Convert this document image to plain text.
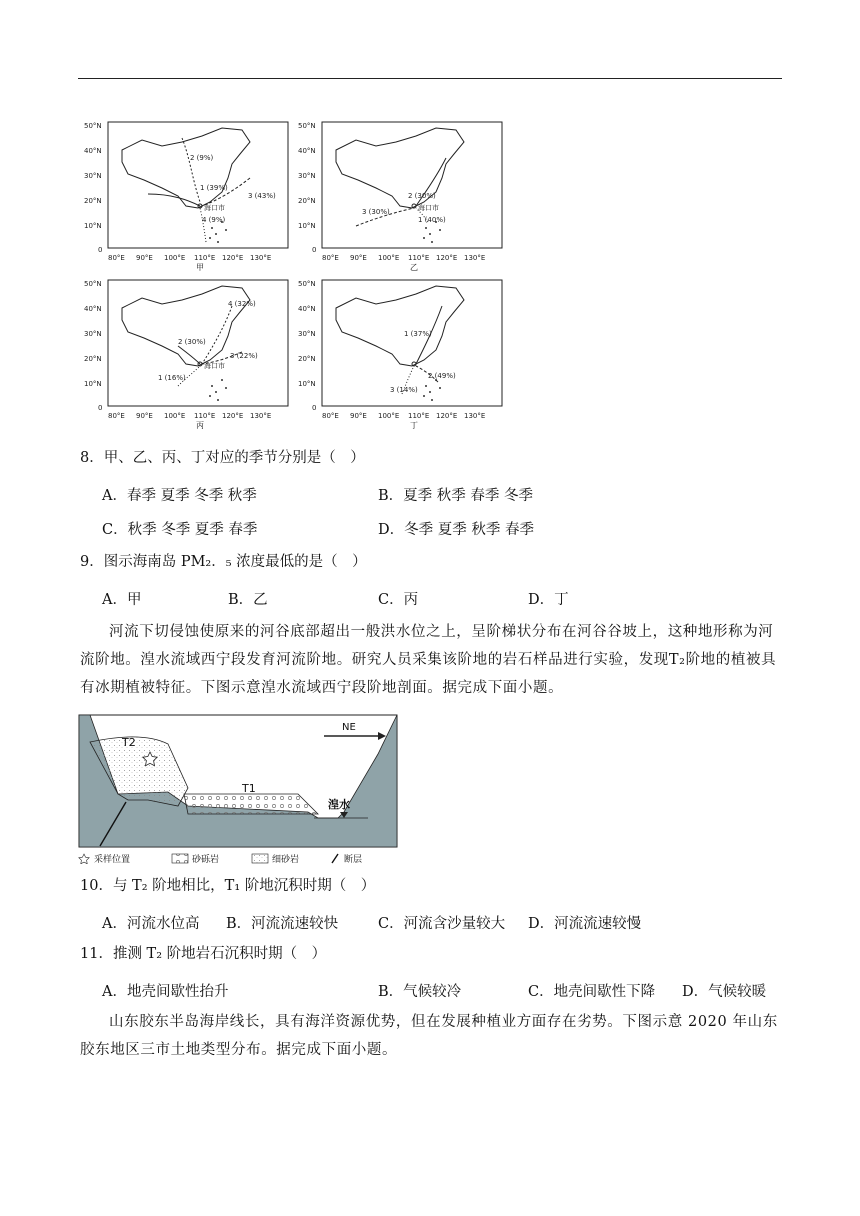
50°N
40°N
30°N
20°N
10°N
0
80°E 90°E 100°E 110°E 120°E 130°E
2 (9%)
1 (39%)
3 (43%)
4 (9%)
海口市
甲
50°N
40°N
30°N
20°N
10°N
0
80°E 90°E 100°E 110°E 120°E 130°E
2 (30%)
3 (30%)
1 (40%)
海口市
乙
50°N
40°N
30°N
20°N
10°N
0
80°E 90°E 100°E 110°E 120°E 130°E
4 (32%)
2 (30%)
3 (22%)
1 (16%)
海口市
丙
50°N
40°N
30°N
20°N
10°N
0
80°E 90°E 100°E 110°E 120°E 130°E
1 (37%)
2 (49%)
3 (14%)
丁
8．甲、乙、丙、丁对应的季节分别是（　）
A．春季 夏季 冬季 秋季	B．夏季 秋季 春季 冬季
C．秋季 冬季 夏季 春季	D．冬季 夏季 秋季 春季
9．图示海南岛 PM₂．₅ 浓度最低的是（　）
A．甲	B．乙	C．丙	D．丁
河流下切侵蚀使原来的河谷底部超出一般洪水位之上，呈阶梯状分布在河谷谷坡上，这种地形称为河流阶地。湟水流域西宁段发育河流阶地。研究人员采集该阶地的岩石样品进行实验，发现T₂阶地的植被具有冰期植被特征。下图示意湟水流域西宁段阶地剖面。据完成下面小题。
T2
T1
湟水
NE
采样位置	砂砾岩	细砂岩	断层
10．与 T₂ 阶地相比，T₁ 阶地沉积时期（　）
A．河流水位高 B．河流流速较快	C．河流含沙量较大 D．河流流速较慢
11．推测 T₂ 阶地岩石沉积时期（　）
A．地壳间歇性抬升	B．气候较冷	C．地壳间歇性下降 D．气候较暖
山东胶东半岛海岸线长，具有海洋资源优势，但在发展种植业方面存在劣势。下图示意 2020 年山东胶东地区三市土地类型分布。据完成下面小题。
